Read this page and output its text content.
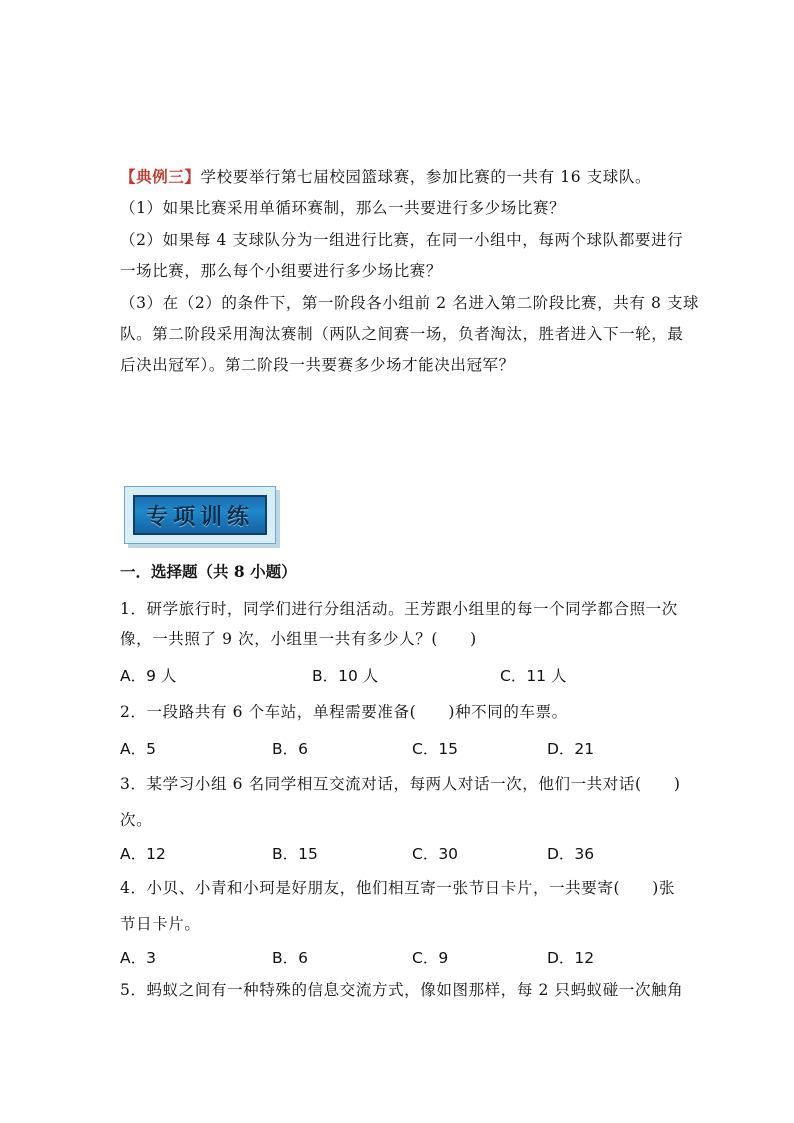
【典例三】学校要举行第七届校园篮球赛，参加比赛的一共有 16 支球队。
（1）如果比赛采用单循环赛制，那么一共要进行多少场比赛？
（2）如果每 4 支球队分为一组进行比赛，在同一小组中，每两个球队都要进行
一场比赛，那么每个小组要进行多少场比赛？
（3）在（2）的条件下，第一阶段各小组前 2 名进入第二阶段比赛，共有 8 支球
队。第二阶段采用淘汰赛制（两队之间赛一场，负者淘汰，胜者进入下一轮，最
后决出冠军）。第二阶段一共要赛多少场才能决出冠军？
专项训练
一．选择题（共 8 小题）
1．研学旅行时，同学们进行分组活动。王芳跟小组里的每一个同学都合照一次
像，一共照了 9 次，小组里一共有多少人？(　　)
A．9 人	B．10 人	C．11 人
2．一段路共有 6 个车站，单程需要准备(　　)种不同的车票。
A．5	B．6	C．15	D．21
3．某学习小组 6 名同学相互交流对话，每两人对话一次，他们一共对话(　　)
次。
A．12	B．15	C．30	D．36
4．小贝、小青和小珂是好朋友，他们相互寄一张节日卡片，一共要寄(　　)张
节日卡片。
A．3	B．6	C．9	D．12
5．蚂蚁之间有一种特殊的信息交流方式，像如图那样，每 2 只蚂蚁碰一次触角
